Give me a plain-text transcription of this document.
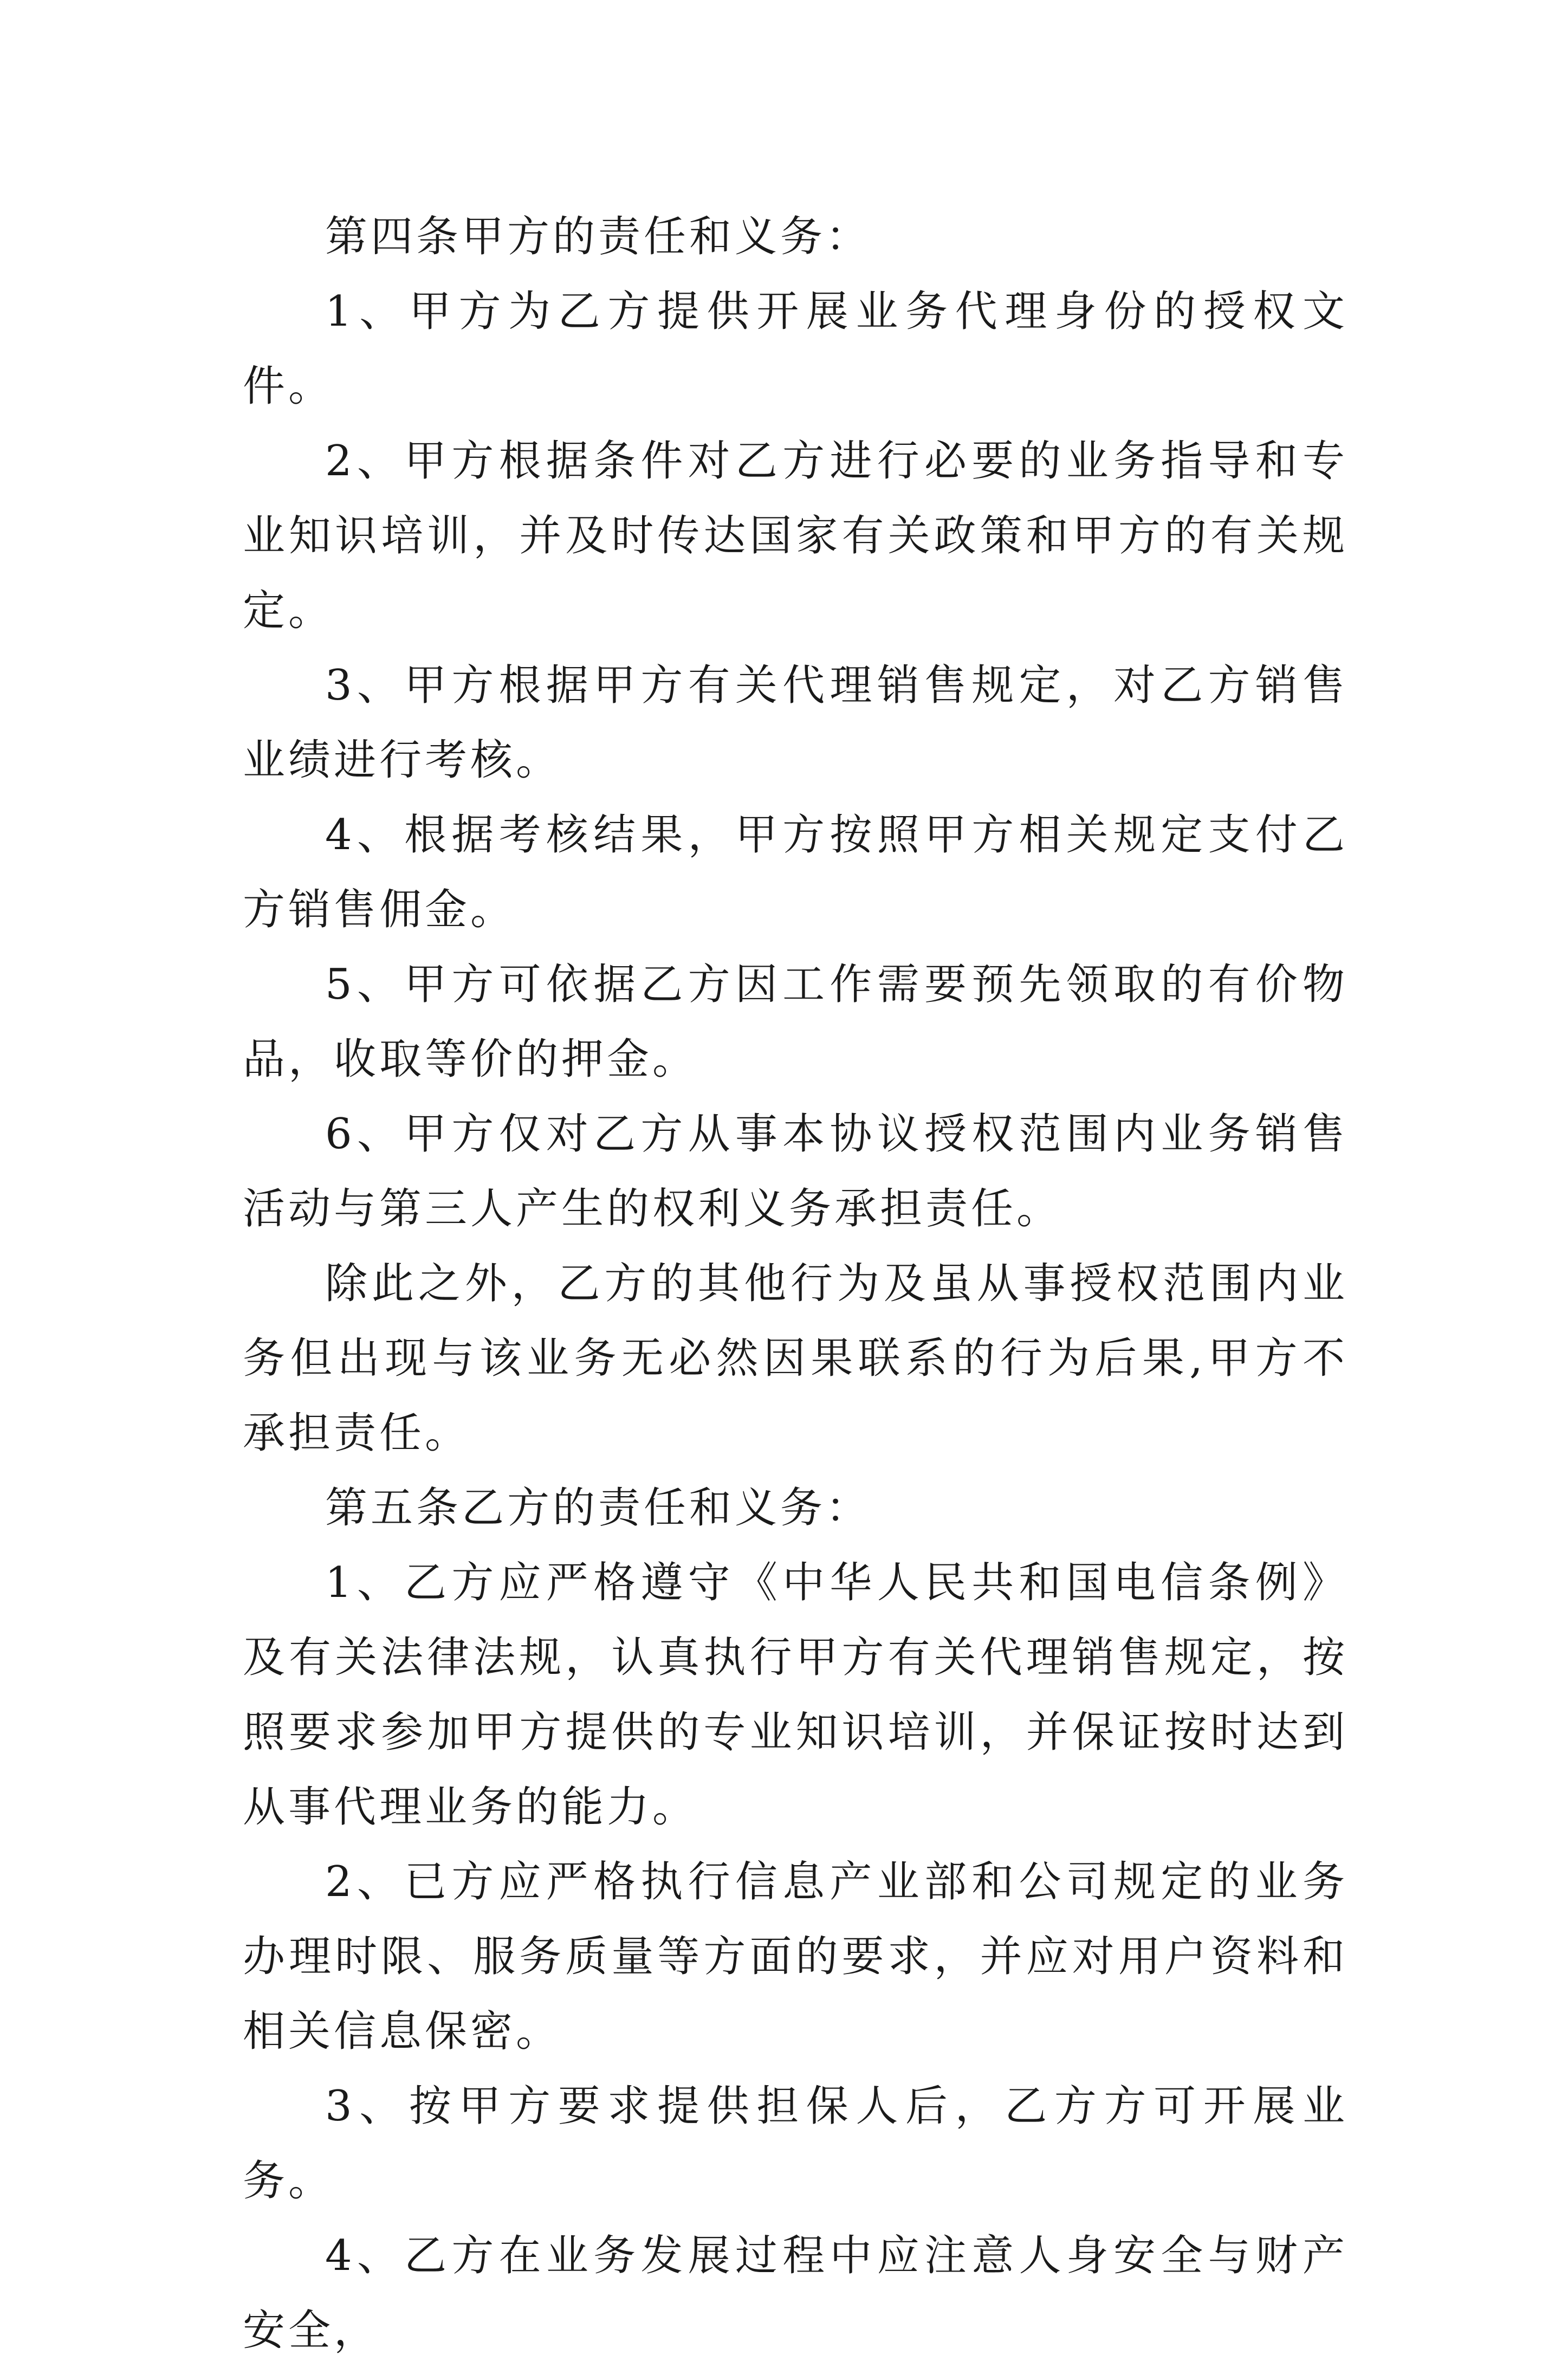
第四条甲方的责任和义务：

1、甲方为乙方提供开展业务代理身份的授权文件。

2、甲方根据条件对乙方进行必要的业务指导和专业知识培训，并及时传达国家有关政策和甲方的有关规定。

3、甲方根据甲方有关代理销售规定，对乙方销售业绩进行考核。

4、根据考核结果，甲方按照甲方相关规定支付乙方销售佣金。

5、甲方可依据乙方因工作需要预先领取的有价物品，收取等价的押金。

6、甲方仅对乙方从事本协议授权范围内业务销售活动与第三人产生的权利义务承担责任。

除此之外，乙方的其他行为及虽从事授权范围内业务但出现与该业务无必然因果联系的行为后果,甲方不承担责任。

第五条乙方的责任和义务：

1、乙方应严格遵守《中华人民共和国电信条例》及有关法律法规，认真执行甲方有关代理销售规定，按照要求参加甲方提供的专业知识培训，并保证按时达到从事代理业务的能力。

2、已方应严格执行信息产业部和公司规定的业务办理时限、服务质量等方面的要求，并应对用户资料和相关信息保密。

3、按甲方要求提供担保人后，乙方方可开展业务。

4、乙方在业务发展过程中应注意人身安全与财产安全，
